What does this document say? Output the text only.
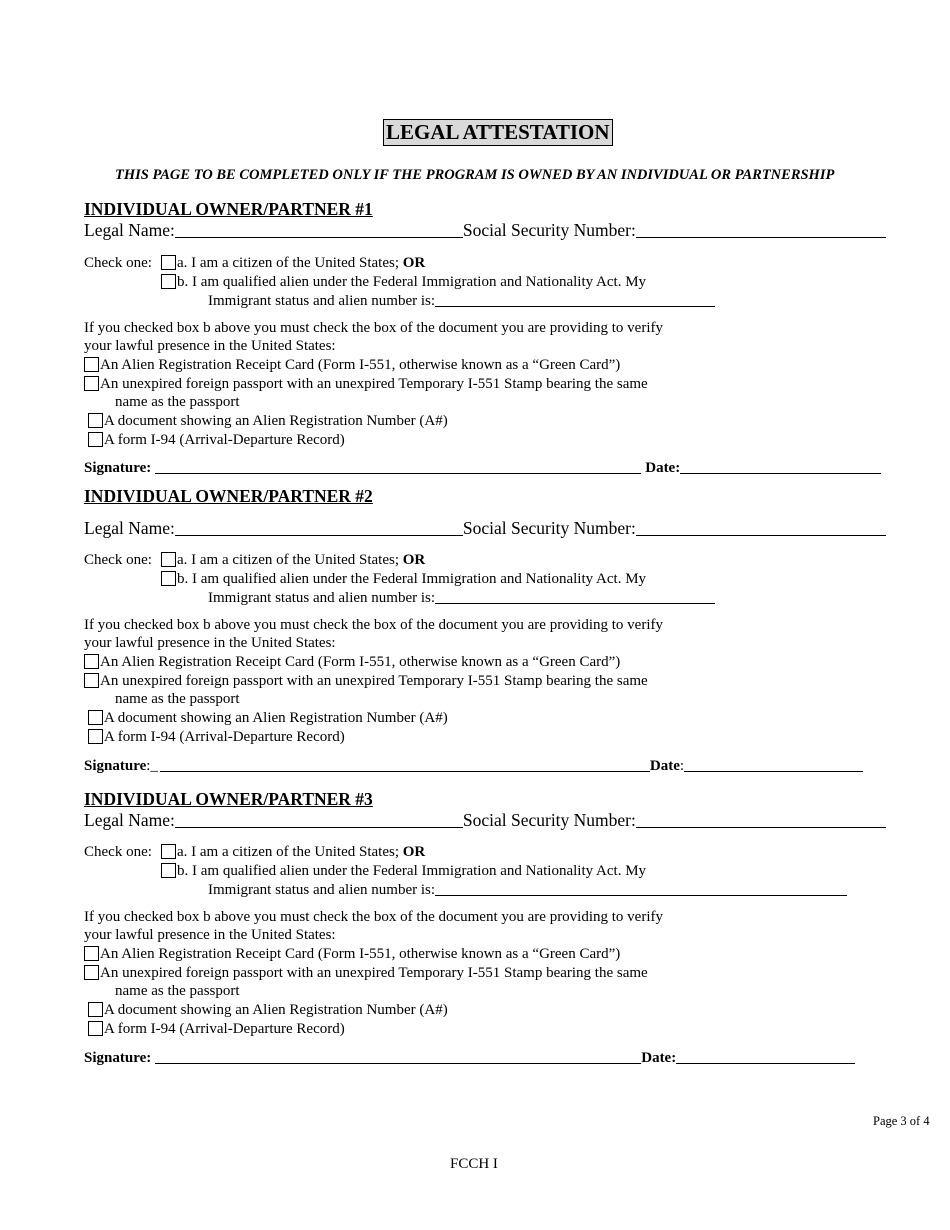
LEGAL ATTESTATION
THIS PAGE TO BE COMPLETED ONLY IF THE PROGRAM IS OWNED BY AN INDIVIDUAL OR PARTNERSHIP
INDIVIDUAL OWNER/PARTNER #1
Legal Name:	Social Security Number:
Check one:	a. I am a citizen of the United States; OR
b. I am qualified alien under the Federal Immigration and Nationality Act. My
Immigrant status and alien number is:
If you checked box b above you must check the box of the document you are providing to verify
your lawful presence in the United States:
An Alien Registration Receipt Card (Form I-551, otherwise known as a “Green Card”)
An unexpired foreign passport with an unexpired Temporary I-551 Stamp bearing the same
name as the passport
A document showing an Alien Registration Number (A#)
A form I-94 (Arrival-Departure Record)
Signature:	Date:
INDIVIDUAL OWNER/PARTNER #2
Legal Name:	Social Security Number:
Check one:	a. I am a citizen of the United States; OR
b. I am qualified alien under the Federal Immigration and Nationality Act. My
Immigrant status and alien number is:
If you checked box b above you must check the box of the document you are providing to verify
your lawful presence in the United States:
An Alien Registration Receipt Card (Form I-551, otherwise known as a “Green Card”)
An unexpired foreign passport with an unexpired Temporary I-551 Stamp bearing the same
name as the passport
A document showing an Alien Registration Number (A#)
A form I-94 (Arrival-Departure Record)
Signature :_	Date :
INDIVIDUAL OWNER/PARTNER #3
Legal Name:	Social Security Number:
Check one:	a. I am a citizen of the United States; OR
b. I am qualified alien under the Federal Immigration and Nationality Act. My
Immigrant status and alien number is:
If you checked box b above you must check the box of the document you are providing to verify
your lawful presence in the United States:
An Alien Registration Receipt Card (Form I-551, otherwise known as a “Green Card”)
An unexpired foreign passport with an unexpired Temporary I-551 Stamp bearing the same
name as the passport
A document showing an Alien Registration Number (A#)
A form I-94 (Arrival-Departure Record)
Signature:	Date:
Page 3 of 4
FCCH I
